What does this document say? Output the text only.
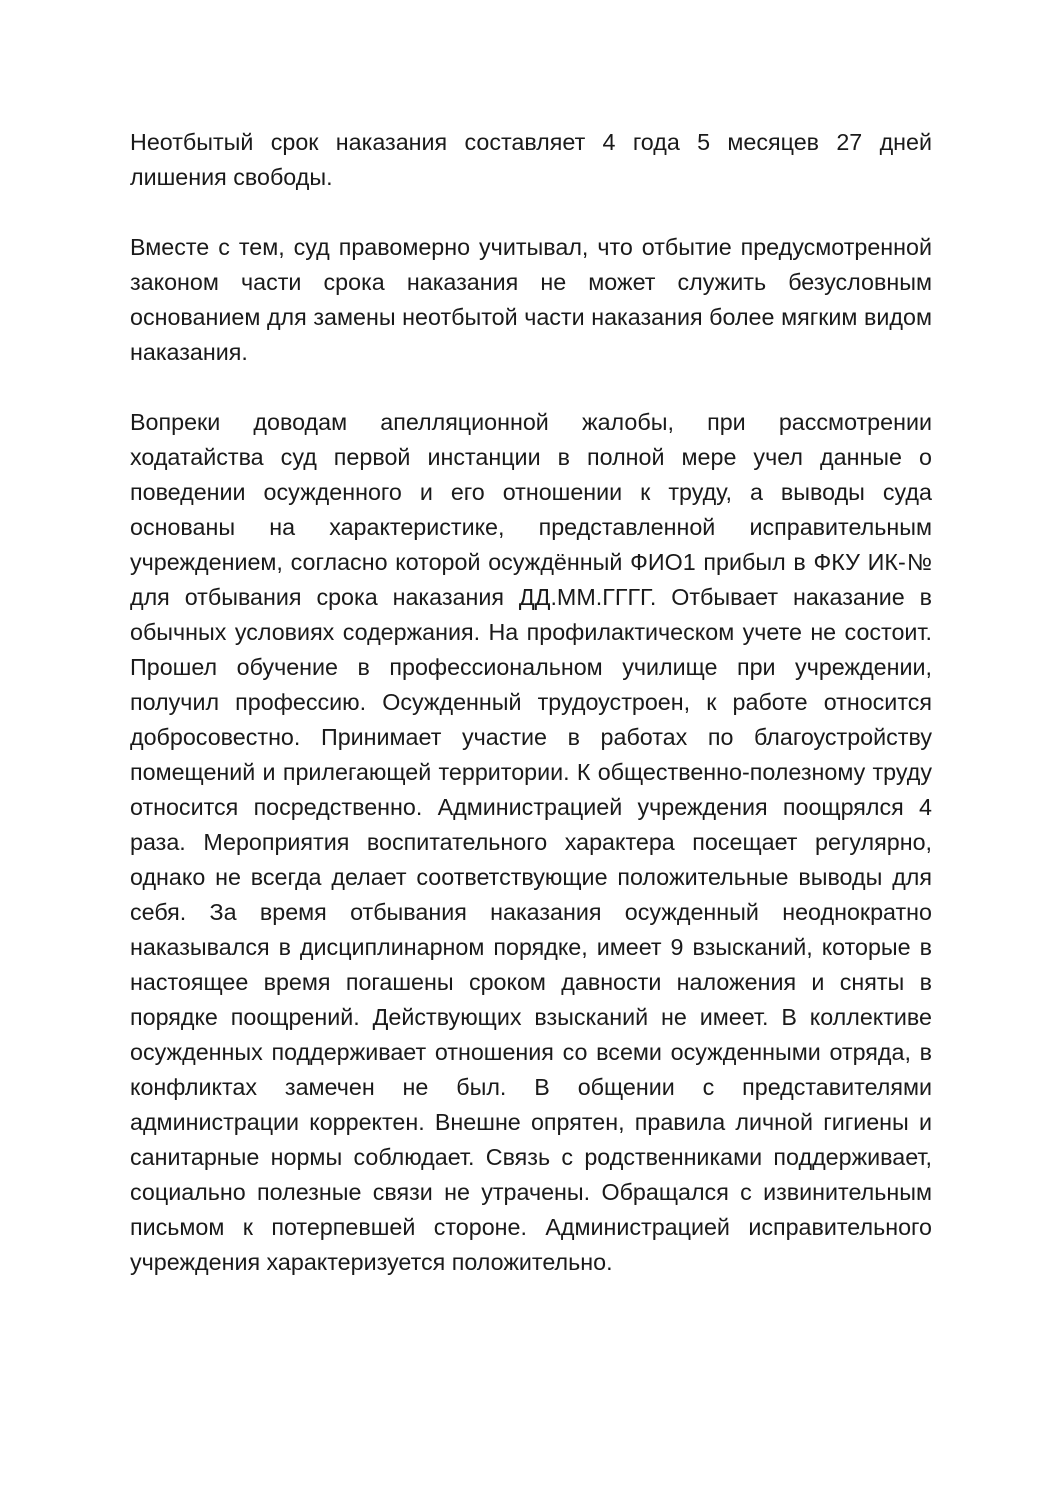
Неотбытый срок наказания составляет 4 года 5 месяцев 27 дней лишения свободы.

Вместе с тем, суд правомерно учитывал, что отбытие предусмотренной законом части срока наказания не может служить безусловным основанием для замены неотбытой части наказания более мягким видом наказания.

Вопреки доводам апелляционной жалобы, при рассмотрении ходатайства суд первой инстанции в полной мере учел данные о поведении осужденного и его отношении к труду, а выводы суда основаны на характеристике, представленной исправительным учреждением, согласно которой осуждённый ФИО1 прибыл в ФКУ ИК-№ для отбывания срока наказания ДД.ММ.ГГГГ. Отбывает наказание в обычных условиях содержания. На профилактическом учете не состоит. Прошел обучение в профессиональном училище при учреждении, получил профессию. Осужденный трудоустроен, к работе относится добросовестно. Принимает участие в работах по благоустройству помещений и прилегающей территории. К общественно-полезному труду относится посредственно. Администрацией учреждения поощрялся 4 раза. Мероприятия воспитательного характера посещает регулярно, однако не всегда делает соответствующие положительные выводы для себя. За время отбывания наказания осужденный неоднократно наказывался в дисциплинарном порядке, имеет 9 взысканий, которые в настоящее время погашены сроком давности наложения и сняты в порядке поощрений. Действующих взысканий не имеет. В коллективе осужденных поддерживает отношения со всеми осужденными отряда, в конфликтах замечен не был. В общении с представителями администрации корректен. Внешне опрятен, правила личной гигиены и санитарные нормы соблюдает. Связь с родственниками поддерживает, социально полезные связи не утрачены. Обращался с извинительным письмом к потерпевшей стороне. Администрацией исправительного учреждения характеризуется положительно.
